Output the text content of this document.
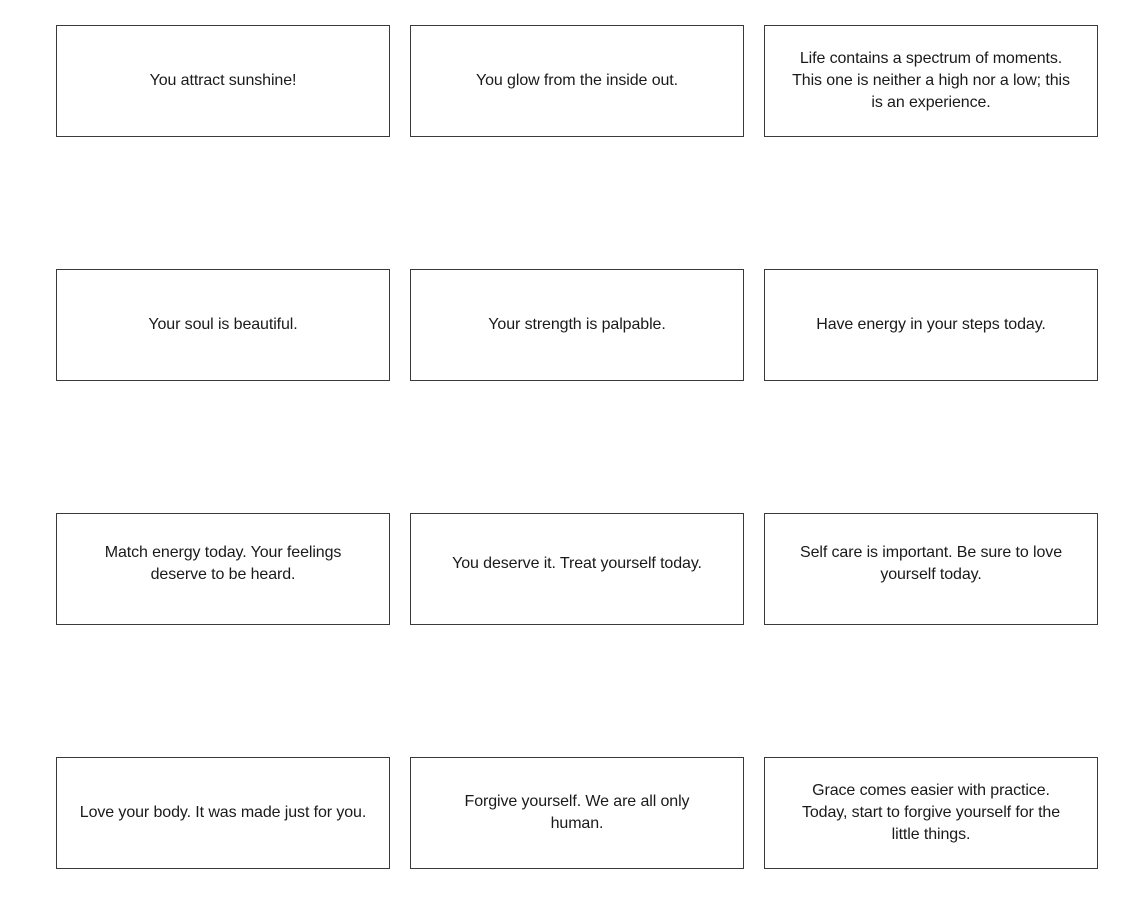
You attract sunshine!	You glow from the inside out.
Life contains a spectrum of moments. This one is neither a high nor a low; this is an experience.
Your soul is beautiful.	Your strength is palpable.	Have energy in your steps today.
Match energy today. Your feelings deserve to be heard.
You deserve it. Treat yourself today.
Self care is important. Be sure to love yourself today.
Love your body. It was made just for you.
Forgive yourself. We are all only human.
Grace comes easier with practice. Today, start to forgive yourself for the little things.
